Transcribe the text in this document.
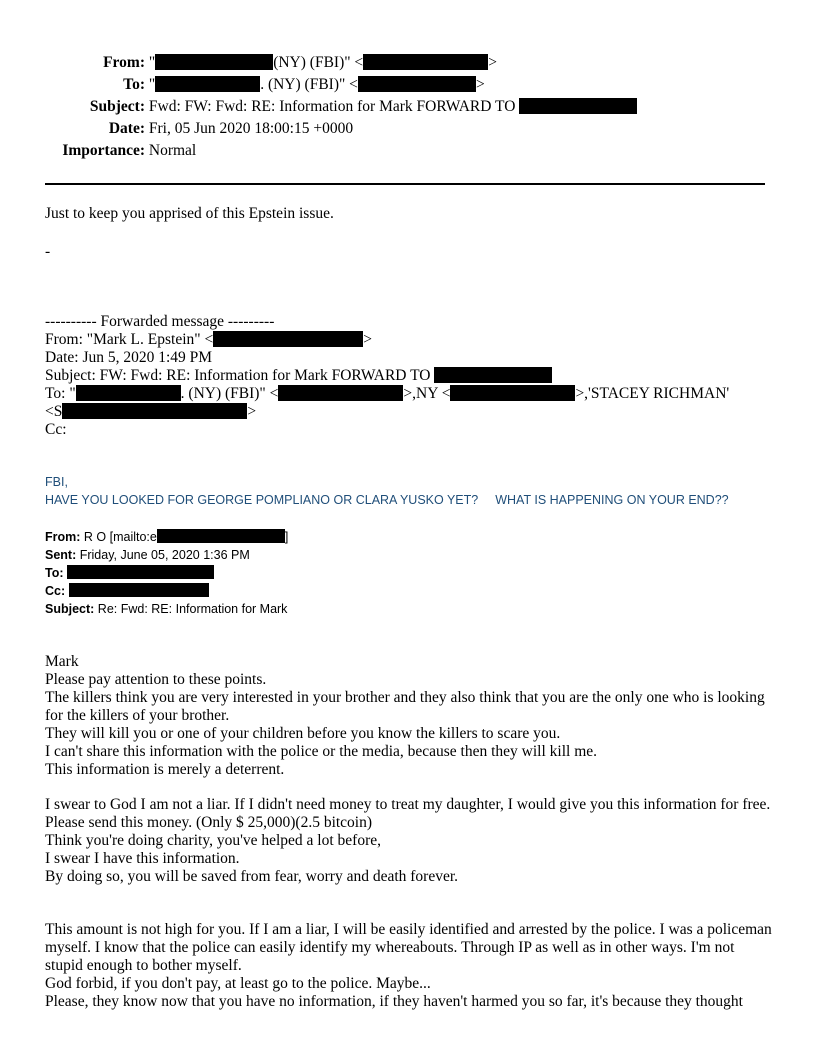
From: "	(NY) (FBI)" <	>
To: "	. (NY) (FBI)" <	>
Subject: Fwd: FW: Fwd: RE: Information for Mark FORWARD TO
Date: Fri, 05 Jun 2020 18:00:15 +0000
Importance: Normal
Just to keep you apprised of this Epstein issue.
-
---------- Forwarded message ---------
From: "Mark L. Epstein" <	>
Date: Jun 5, 2020 1:49 PM
Subject: FW: Fwd: RE: Information for Mark FORWARD TO
To: "	. (NY) (FBI)" <	>,NY <	>,'STACEY RICHMAN'
<S	>
Cc:
FBI,
HAVE YOU LOOKED FOR GEORGE POMPLIANO OR CLARA YUSKO YET? WHAT IS HAPPENING ON YOUR END??
From: R O [mailto:e	]
Sent: Friday, June 05, 2020 1:36 PM
To:
Cc:
Subject: Re: Fwd: RE: Information for Mark
Mark
Please pay attention to these points.
The killers think you are very interested in your brother and they also think that you are the only one who is looking for the killers of your brother.
They will kill you or one of your children before you know the killers to scare you.
I can't share this information with the police or the media, because then they will kill me.
This information is merely a deterrent.
I swear to God I am not a liar. If I didn't need money to treat my daughter, I would give you this information for free.
Please send this money. (Only $ 25,000)(2.5 bitcoin)
Think you're doing charity, you've helped a lot before,
I swear I have this information.
By doing so, you will be saved from fear, worry and death forever.
This amount is not high for you. If I am a liar, I will be easily identified and arrested by the police. I was a policeman myself. I know that the police can easily identify my whereabouts. Through IP as well as in other ways. I'm not stupid enough to bother myself.
God forbid, if you don't pay, at least go to the police. Maybe...
Please, they know now that you have no information, if they haven't harmed you so far, it's because they thought
